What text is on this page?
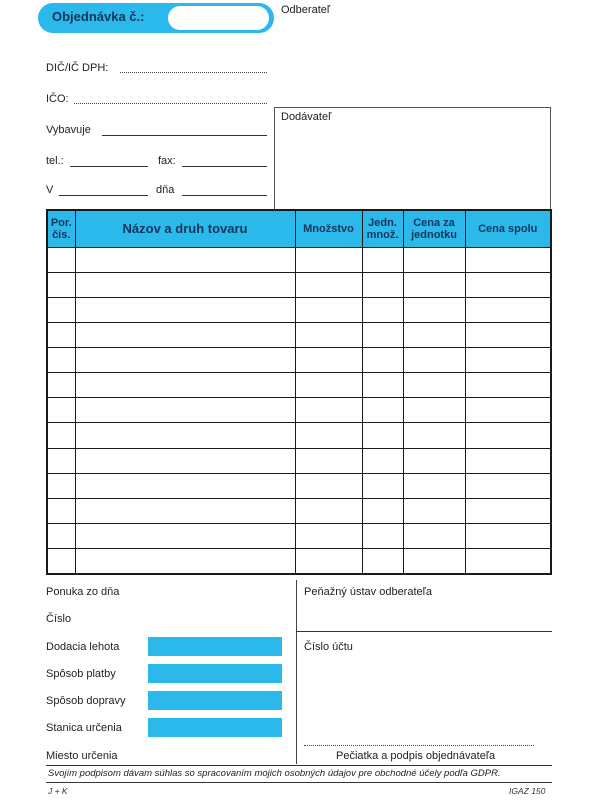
Objednávka č.:	Odberateľ
DIČ/IČ DPH:
IČO:
Vybavuje
tel.:	fax:
V	dňa
Dodávateľ
Por. čís.	Názov a druh tovaru	Množstvo	Jedn. množ.	Cena za jednotku	Cena spolu

Ponuka zo dňa
Číslo
Dodacia lehota
Spôsob platby
Spôsob dopravy
Stanica určenia
Miesto určenia
Peňažný ústav odberateľa
Číslo účtu
Pečiatka a podpis objednávateľa
Svojím podpisom dávam súhlas so spracovaním mojich osobných údajov pre obchodné účely podľa GDPR.
J + K	IGAZ 150
